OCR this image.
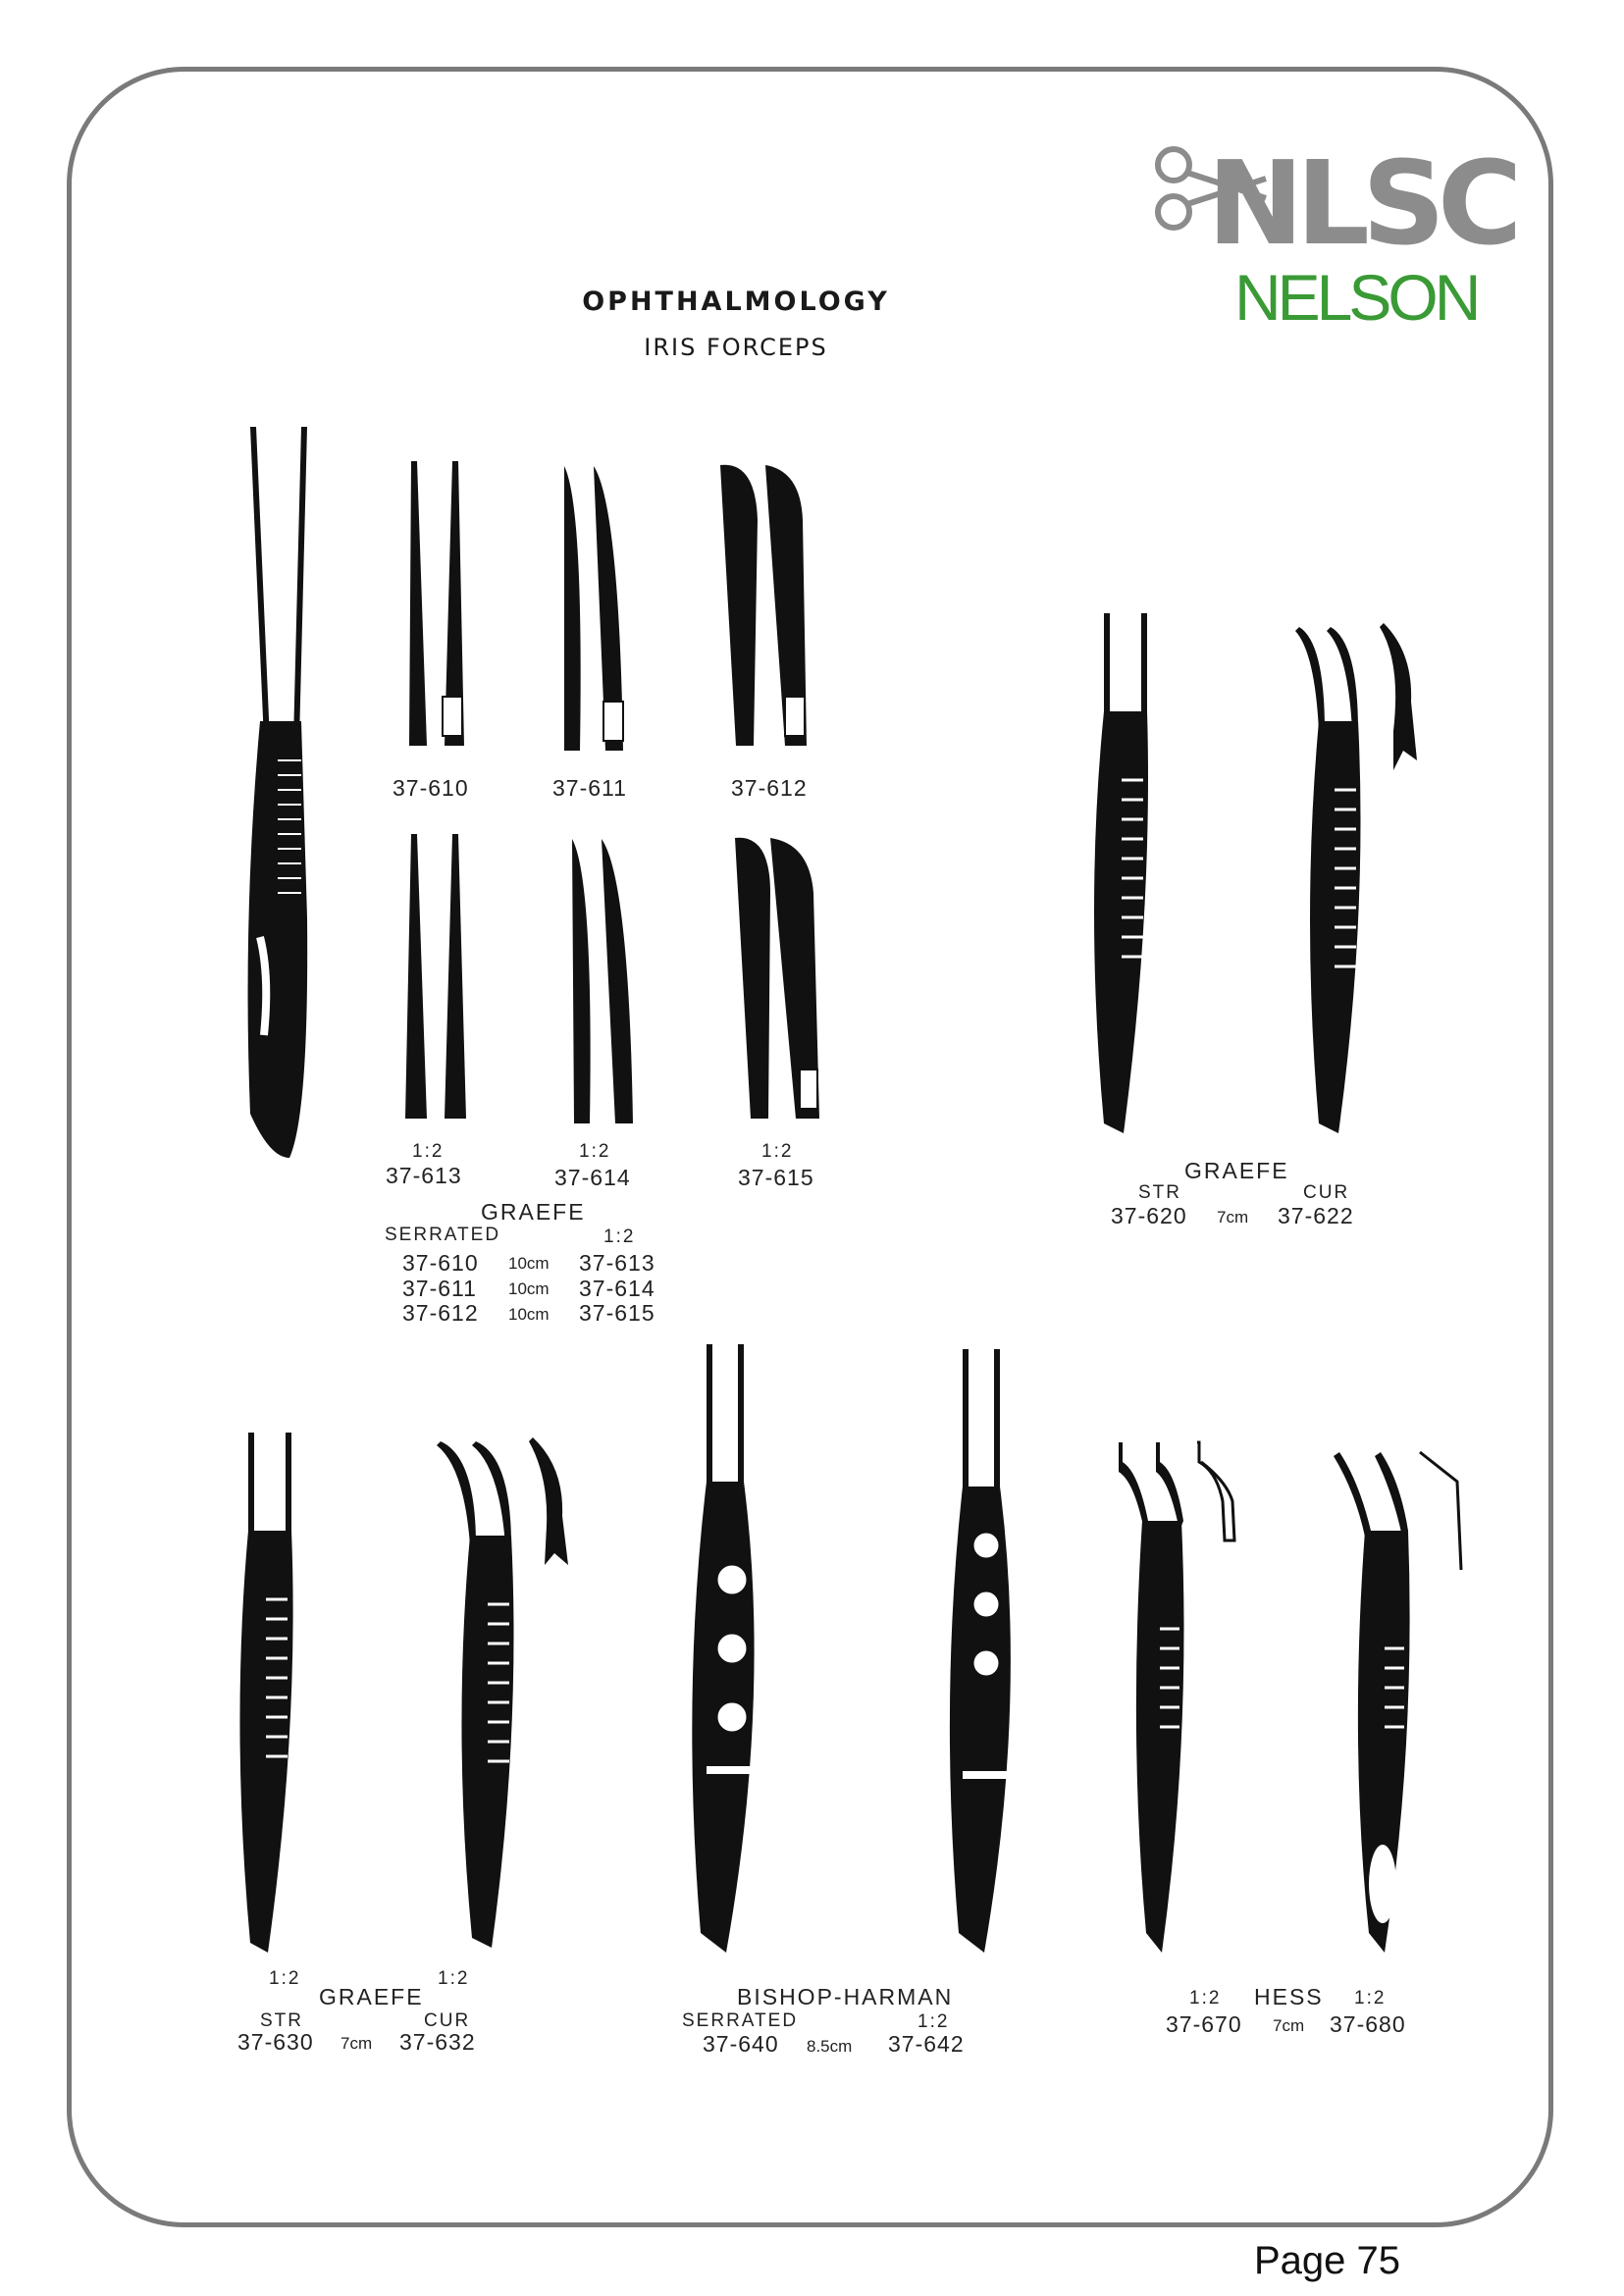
NLSC
NELSON
OPHTHALMOLOGY
IRIS FORCEPS
37-610	37-611	37-612
1:2	1:2	1:2
37-613	37-614	37-615
GRAEFE
SERRATED	1:2
37-610 10cm 37-613
37-611 10cm 37-614
37-612 10cm 37-615
GRAEFE
STR	CUR
37-620 7cm 37-622
1:2	1:2
GRAEFE
STR	CUR
37-630 7cm 37-632
BISHOP-HARMAN
SERRATED	1:2
37-640 8.5cm 37-642
1:2 HESS 1:2
37-670 7cm 37-680
Page 75
